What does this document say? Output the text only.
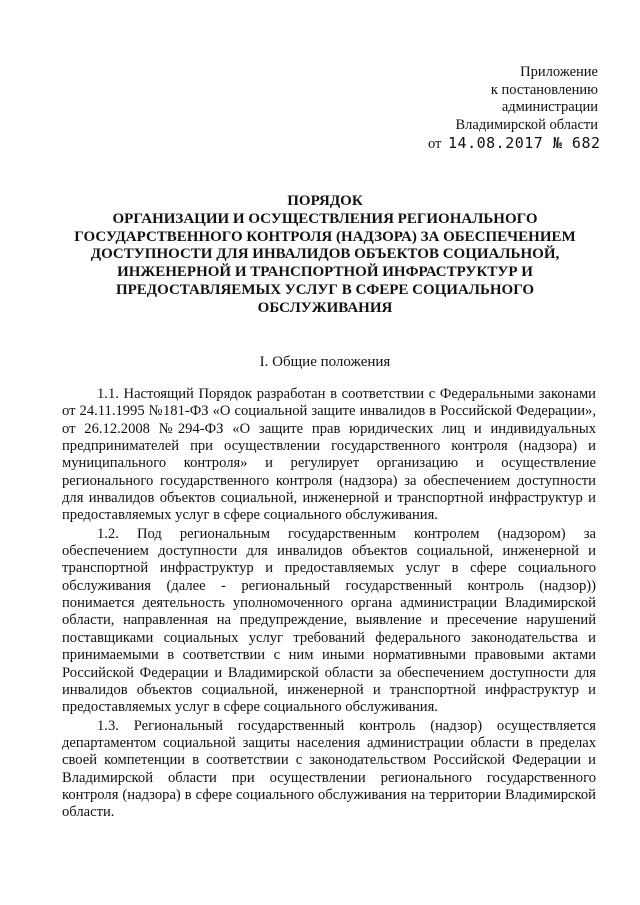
Приложение
к постановлению
администрации
Владимирской области
от 14.08.2017 № 682
ПОРЯДОК
ОРГАНИЗАЦИИ И ОСУЩЕСТВЛЕНИЯ РЕГИОНАЛЬНОГО
ГОСУДАРСТВЕННОГО КОНТРОЛЯ (НАДЗОРА) ЗА ОБЕСПЕЧЕНИЕМ
ДОСТУПНОСТИ ДЛЯ ИНВАЛИДОВ ОБЪЕКТОВ СОЦИАЛЬНОЙ,
ИНЖЕНЕРНОЙ И ТРАНСПОРТНОЙ ИНФРАСТРУКТУР И
ПРЕДОСТАВЛЯЕМЫХ УСЛУГ В СФЕРЕ СОЦИАЛЬНОГО
ОБСЛУЖИВАНИЯ
I. Общие положения

1.1. Настоящий Порядок разработан в соответствии с Федеральными законами от 24.11.1995 №181-ФЗ «О социальной защите инвалидов в Российской Федерации», от 26.12.2008 №294-ФЗ «О защите прав юридических лиц и индивидуальных предпринимателей при осуществлении государственного контроля (надзора) и муниципального контроля» и регулирует организацию и осуществление регионального государственного контроля (надзора) за обеспечением доступности для инвалидов объектов социальной, инженерной и транспортной инфраструктур и предоставляемых услуг в сфере социального обслуживания.

1.2. Под региональным государственным контролем (надзором) за обеспечением доступности для инвалидов объектов социальной, инженерной и транспортной инфраструктур и предоставляемых услуг в сфере социального обслуживания (далее - региональный государственный контроль (надзор)) понимается деятельность уполномоченного органа администрации Владимирской области, направленная на предупреждение, выявление и пресечение нарушений поставщиками социальных услуг требований федерального законодательства и принимаемыми в соответствии с ним иными нормативными правовыми актами Российской Федерации и Владимирской области за обеспечением доступности для инвалидов объектов социальной, инженерной и транспортной инфраструктур и предоставляемых услуг в сфере социального обслуживания.

1.3. Региональный государственный контроль (надзор) осуществляется департаментом социальной защиты населения администрации области в пределах своей компетенции в соответствии с законодательством Российской Федерации и Владимирской области при осуществлении регионального государственного контроля (надзора) в сфере социального обслуживания на территории Владимирской области.
